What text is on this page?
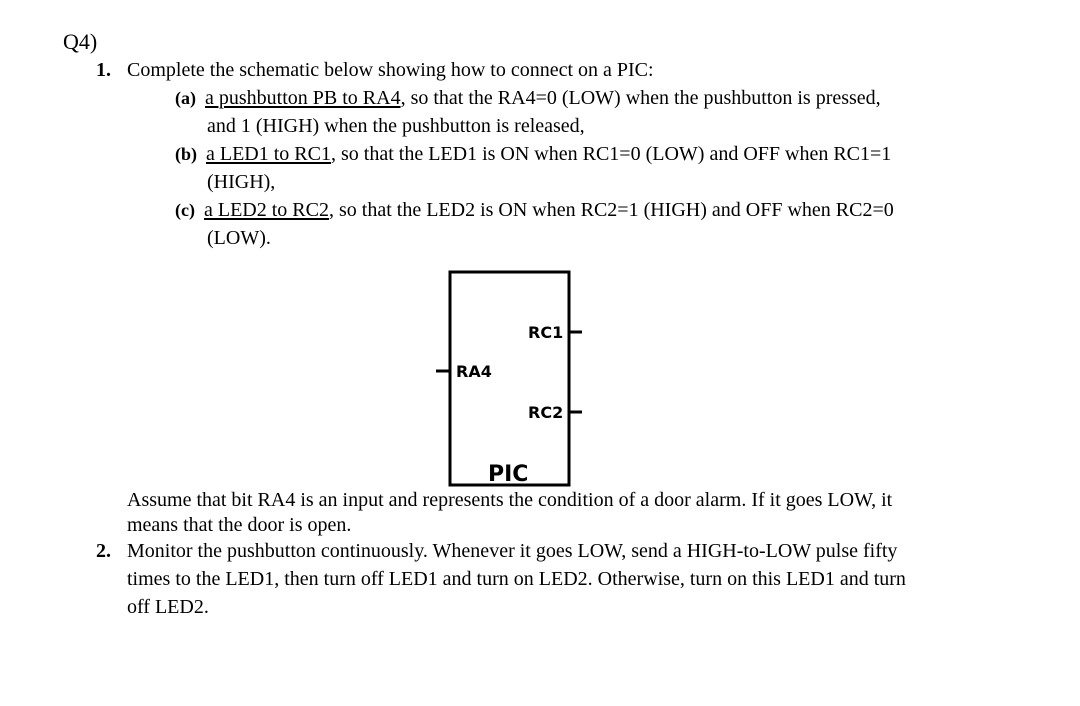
Q4)
1. Complete the schematic below showing how to connect on a PIC:
(a) a pushbutton PB to RA4, so that the RA4=0 (LOW) when the pushbutton is pressed,
and 1 (HIGH) when the pushbutton is released,
(b) a LED1 to RC1, so that the LED1 is ON when RC1=0 (LOW) and OFF when RC1=1
(HIGH),
(c) a LED2 to RC2, so that the LED2 is ON when RC2=1 (HIGH) and OFF when RC2=0
(LOW).
RC1
RA4
RC2
PIC
Assume that bit RA4 is an input and represents the condition of a door alarm. If it goes LOW, it
means that the door is open.
2. Monitor the pushbutton continuously. Whenever it goes LOW, send a HIGH-to-LOW pulse fifty
times to the LED1, then turn off LED1 and turn on LED2. Otherwise, turn on this LED1 and turn
off LED2.
